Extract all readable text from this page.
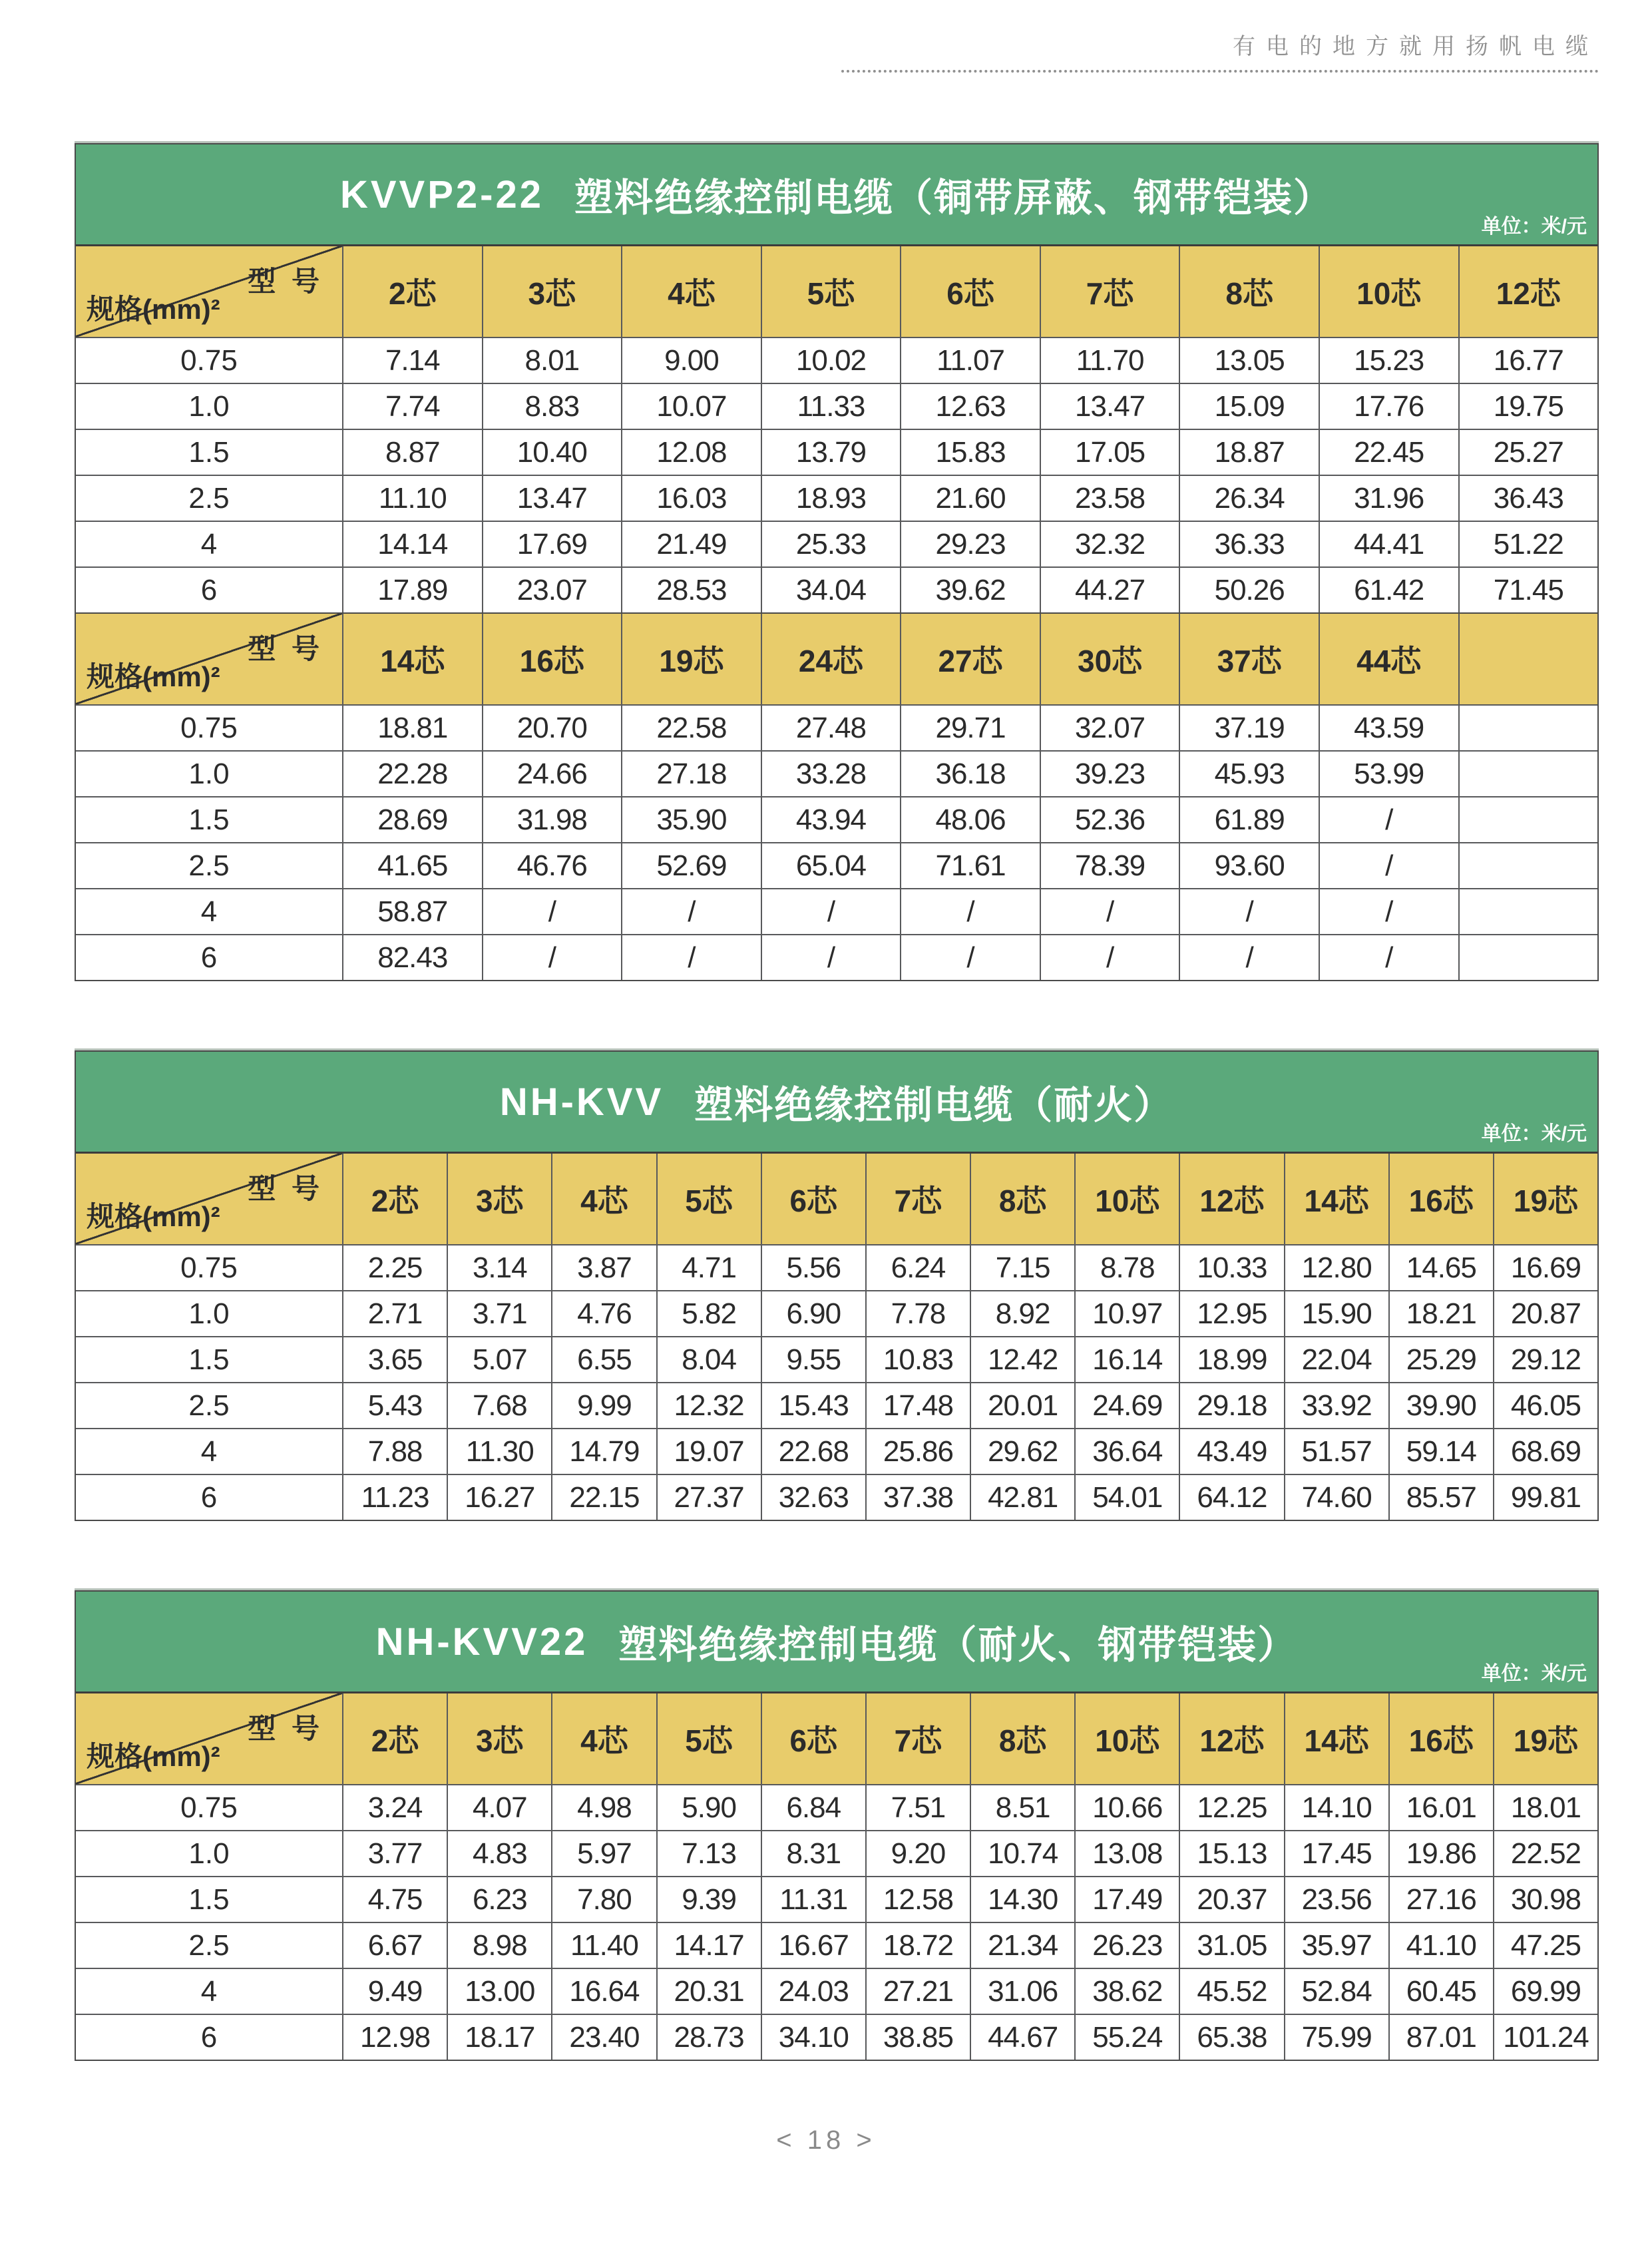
有电的地方就用扬帆电缆
KVVP2-22 塑料绝缘控制电缆（铜带屏蔽、钢带铠装）
单位：米/元
型 号
规格(mm)²	2芯	3芯	4芯	5芯	6芯	7芯	8芯	10芯	12芯
0.75	7.14	8.01	9.00	10.02	11.07	11.70	13.05	15.23	16.77
1.0	7.74	8.83	10.07	11.33	12.63	13.47	15.09	17.76	19.75
1.5	8.87	10.40	12.08	13.79	15.83	17.05	18.87	22.45	25.27
2.5	11.10	13.47	16.03	18.93	21.60	23.58	26.34	31.96	36.43
4	14.14	17.69	21.49	25.33	29.23	32.32	36.33	44.41	51.22
6	17.89	23.07	28.53	34.04	39.62	44.27	50.26	61.42	71.45
型 号
规格(mm)²	14芯	16芯	19芯	24芯	27芯	30芯	37芯	44芯
0.75	18.81	20.70	22.58	27.48	29.71	32.07	37.19	43.59
1.0	22.28	24.66	27.18	33.28	36.18	39.23	45.93	53.99
1.5	28.69	31.98	35.90	43.94	48.06	52.36	61.89	/
2.5	41.65	46.76	52.69	65.04	71.61	78.39	93.60	/
4	58.87	/	/	/	/	/	/	/
6	82.43	/	/	/	/	/	/	/
NH-KVV 塑料绝缘控制电缆（耐火）
单位：米/元
型 号
规格(mm)²	2芯	3芯	4芯	5芯	6芯	7芯	8芯	10芯	12芯	14芯	16芯	19芯
0.75	2.25	3.14	3.87	4.71	5.56	6.24	7.15	8.78	10.33	12.80	14.65	16.69
1.0	2.71	3.71	4.76	5.82	6.90	7.78	8.92	10.97	12.95	15.90	18.21	20.87
1.5	3.65	5.07	6.55	8.04	9.55	10.83	12.42	16.14	18.99	22.04	25.29	29.12
2.5	5.43	7.68	9.99	12.32	15.43	17.48	20.01	24.69	29.18	33.92	39.90	46.05
4	7.88	11.30	14.79	19.07	22.68	25.86	29.62	36.64	43.49	51.57	59.14	68.69
6	11.23	16.27	22.15	27.37	32.63	37.38	42.81	54.01	64.12	74.60	85.57	99.81
NH-KVV22 塑料绝缘控制电缆（耐火、钢带铠装）
单位：米/元
型 号
规格(mm)²	2芯	3芯	4芯	5芯	6芯	7芯	8芯	10芯	12芯	14芯	16芯	19芯
0.75	3.24	4.07	4.98	5.90	6.84	7.51	8.51	10.66	12.25	14.10	16.01	18.01
1.0	3.77	4.83	5.97	7.13	8.31	9.20	10.74	13.08	15.13	17.45	19.86	22.52
1.5	4.75	6.23	7.80	9.39	11.31	12.58	14.30	17.49	20.37	23.56	27.16	30.98
2.5	6.67	8.98	11.40	14.17	16.67	18.72	21.34	26.23	31.05	35.97	41.10	47.25
4	9.49	13.00	16.64	20.31	24.03	27.21	31.06	38.62	45.52	52.84	60.45	69.99
6	12.98	18.17	23.40	28.73	34.10	38.85	44.67	55.24	65.38	75.99	87.01 101.24
< 18 >
